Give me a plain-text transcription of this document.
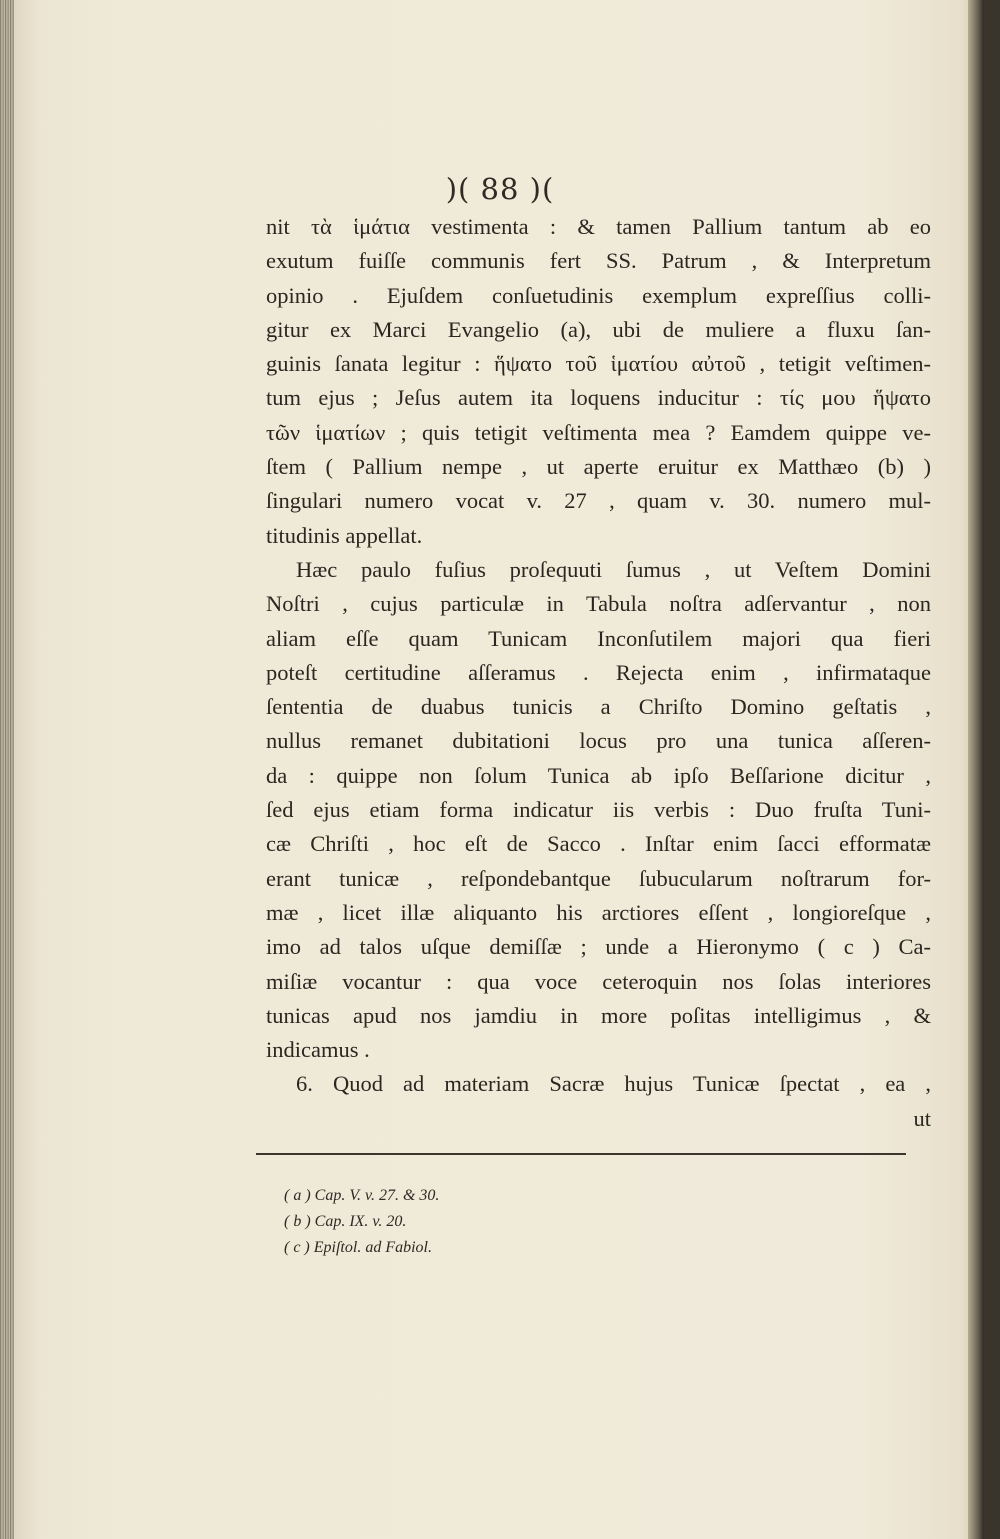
)( 88 )(
nit τὰ ἱμάτια vestimenta : & tamen Pallium tantum ab eo
exutum fuiſſe communis fert SS. Patrum , & Interpretum
opinio . Ejuſdem conſuetudinis exemplum expreſſius colli-
gitur ex Marci Evangelio (a), ubi de muliere a fluxu ſan-
guinis ſanata legitur : ἥψατο τοῦ ἱματίου αὐτοῦ , tetigit veſtimen-
tum ejus ; Jeſus autem ita loquens inducitur : τίς μου ἥψατο
τῶν ἱματίων ; quis tetigit veſtimenta mea ? Eamdem quippe ve-
ſtem ( Pallium nempe , ut aperte eruitur ex Matthæo (b) )
ſingulari numero vocat v. 27 , quam v. 30. numero mul-
titudinis appellat.
Hæc paulo fuſius proſequuti ſumus , ut Veſtem Domini
Noſtri , cujus particulæ in Tabula noſtra adſervantur , non
aliam eſſe quam Tunicam Inconſutilem majori qua fieri
poteſt certitudine aſſeramus . Rejecta enim , infirmataque
ſententia de duabus tunicis a Chriſto Domino geſtatis ,
nullus remanet dubitationi locus pro una tunica aſſeren-
da : quippe non ſolum Tunica ab ipſo Beſſarione dicitur ,
ſed ejus etiam forma indicatur iis verbis : Duo fruſta Tuni-
cæ Chriſti , hoc eſt de Sacco . Inſtar enim ſacci efformatæ
erant tunicæ , reſpondebantque ſubucularum noſtrarum for-
mæ , licet illæ aliquanto his arctiores eſſent , longioreſque ,
imo ad talos uſque demiſſæ ; unde a Hieronymo ( c ) Ca-
miſiæ vocantur : qua voce ceteroquin nos ſolas interiores
tunicas apud nos jamdiu in more poſitas intelligimus , &
indicamus .
6. Quod ad materiam Sacræ hujus Tunicæ ſpectat , ea ,
ut
( a ) Cap. V. v. 27. & 30.
( b ) Cap. IX. v. 20.
( c ) Epiſtol. ad Fabiol.
